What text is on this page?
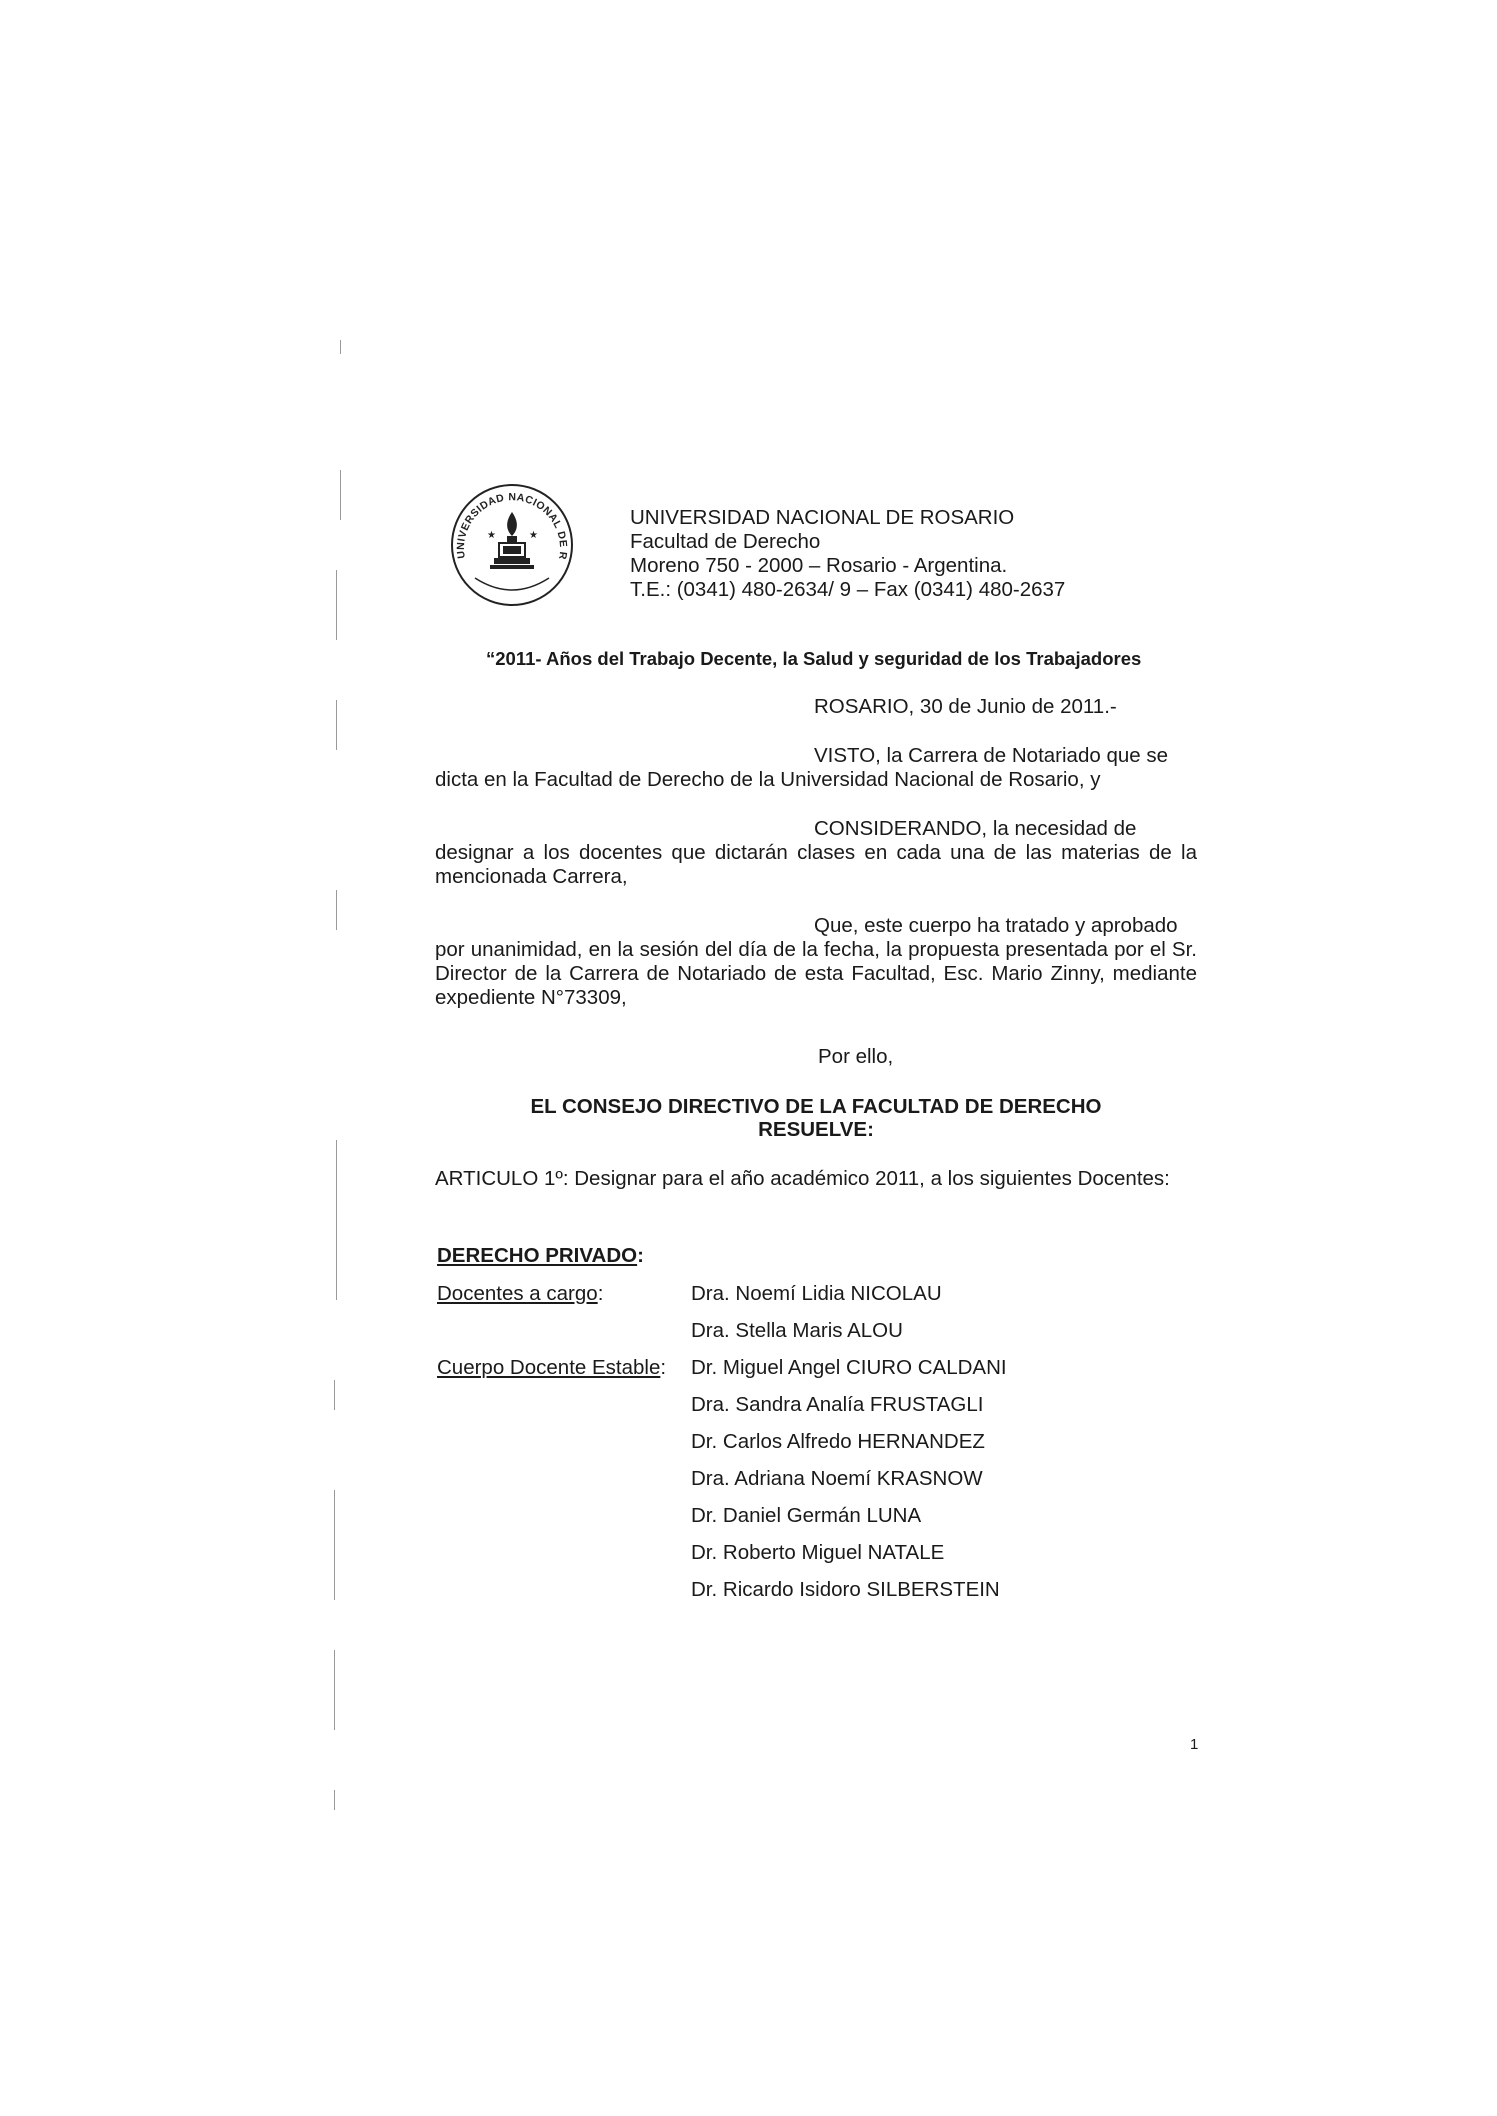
UNIVERSIDAD NACIONAL DE R
★	★
UNIVERSIDAD NACIONAL DE ROSARIO
Facultad de Derecho
Moreno 750 - 2000 – Rosario - Argentina.
T.E.: (0341) 480-2634/ 9 – Fax (0341) 480-2637
“2011- Años del Trabajo Decente, la Salud y seguridad de los Trabajadores
ROSARIO, 30 de Junio de 2011.-
VISTO, la Carrera de Notariado que se
dicta en la Facultad de Derecho de la Universidad Nacional de Rosario, y
CONSIDERANDO, la necesidad de
designar a los docentes que dictarán clases en cada una de las materias de la mencionada Carrera,
Que, este cuerpo ha tratado y aprobado
por unanimidad, en la sesión del día de la fecha, la propuesta presentada por el Sr. Director de la Carrera de Notariado de esta Facultad, Esc. Mario Zinny, mediante expediente N°73309,
Por ello,
EL CONSEJO DIRECTIVO DE LA FACULTAD DE DERECHO
RESUELVE:
ARTICULO 1º: Designar para el año académico 2011, a los siguientes Docentes:
DERECHO PRIVADO:
Docentes a cargo:	Dra. Noemí Lidia NICOLAU
Dra. Stella Maris ALOU
Cuerpo Docente Estable: Dr. Miguel Angel CIURO CALDANI
Dra. Sandra Analía FRUSTAGLI
Dr. Carlos Alfredo HERNANDEZ
Dra. Adriana Noemí KRASNOW
Dr. Daniel Germán LUNA
Dr. Roberto Miguel NATALE
Dr. Ricardo Isidoro SILBERSTEIN
1
